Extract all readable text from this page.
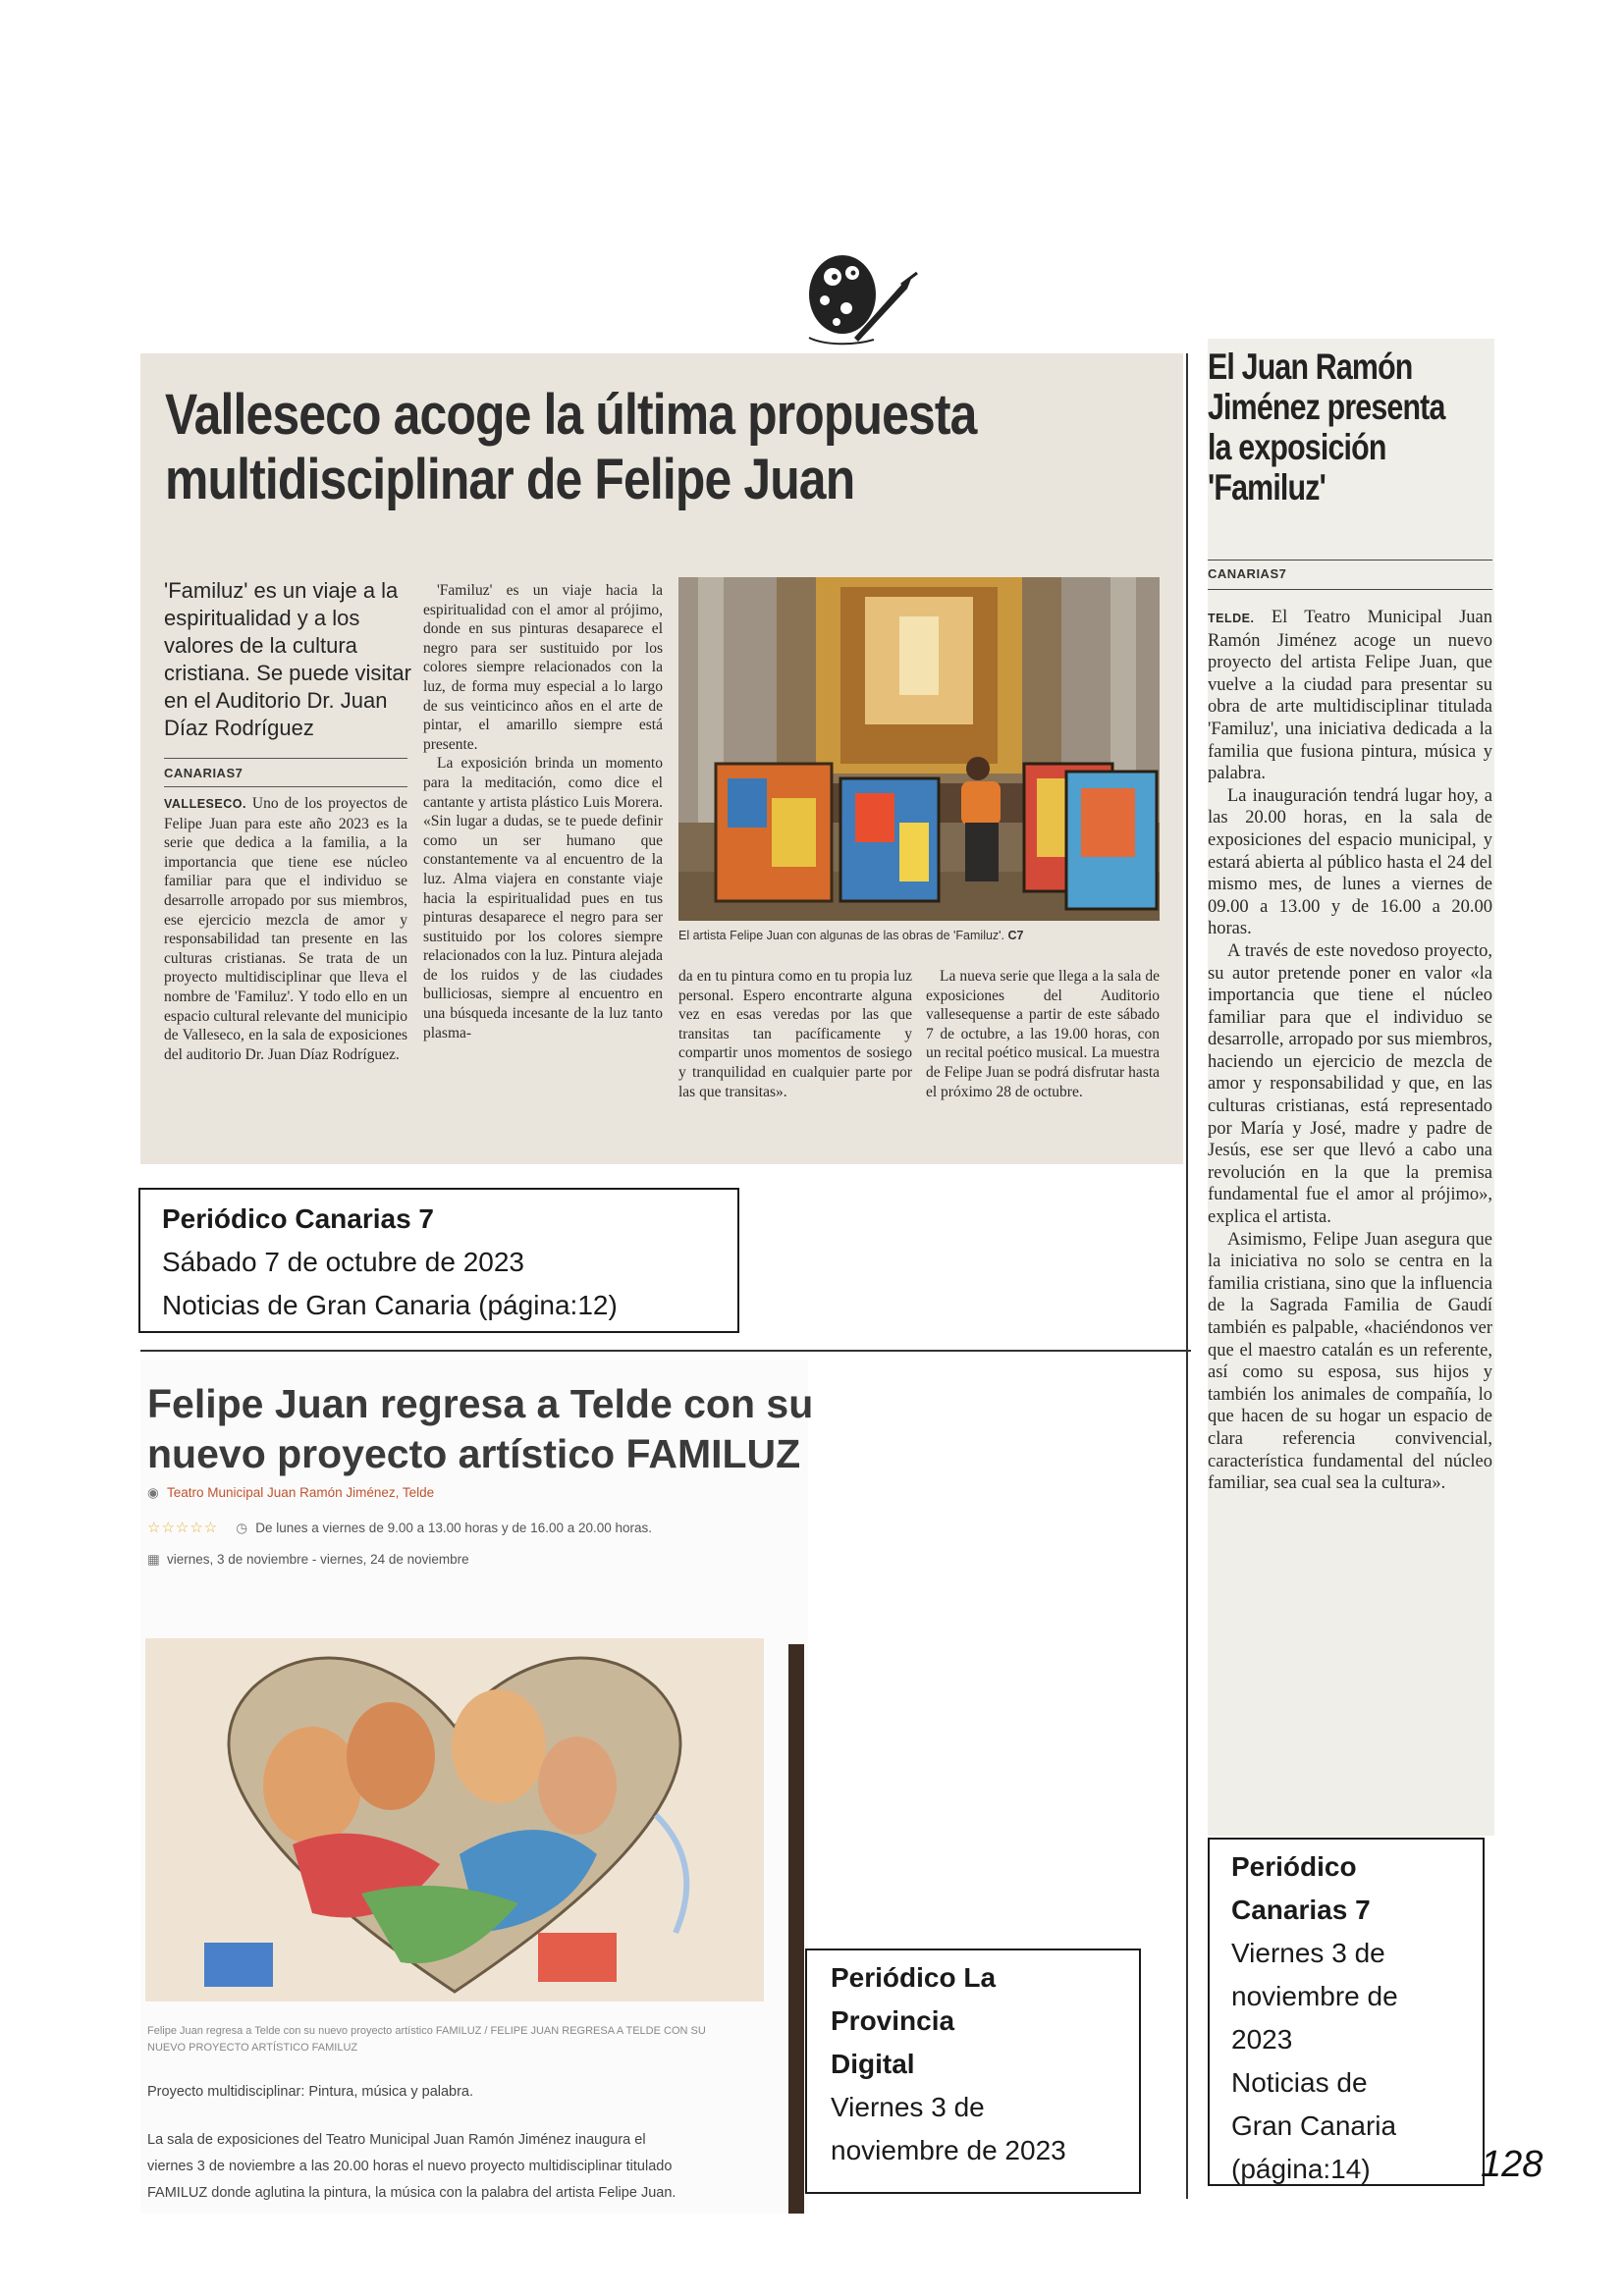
Valleseco acoge la última propuesta
multidisciplinar de Felipe Juan
'Familuz' es un viaje a la espiritualidad y a los valores de la cultura cristiana. Se puede visitar en el Auditorio Dr. Juan Díaz Rodríguez
CANARIAS7

VALLESECO. Uno de los proyectos de Felipe Juan para este año 2023 es la serie que dedica a la familia, a la importancia que tiene ese núcleo familiar para que el individuo se desarrolle arropado por sus miembros, ese ejercicio mezcla de amor y responsabilidad tan presente en las culturas cristianas. Se trata de un proyecto multidisciplinar que lleva el nombre de 'Familuz'. Y todo ello en un espacio cultural relevante del municipio de Valleseco, en la sala de exposiciones del auditorio Dr. Juan Díaz Rodríguez.

'Familuz' es un viaje hacia la espiritualidad con el amor al prójimo, donde en sus pinturas desaparece el negro para ser sustituido por los colores siempre relacionados con la luz, de forma muy especial a lo largo de sus veinticinco años en el arte de pintar, el amarillo siempre está presente.

La exposición brinda un momento para la meditación, como dice el cantante y artista plástico Luis Morera. «Sin lugar a dudas, se te puede definir como un ser humano que constantemente va al encuentro de la luz. Alma viajera en constante viaje hacia la espiritualidad pues en tus pinturas desaparece el negro para ser sustituido por los colores siempre relacionados con la luz. Pintura alejada de los ruidos y de las ciudades bulliciosas, siempre al encuentro en una búsqueda incesante de la luz tanto plasma-

El artista Felipe Juan con algunas de las obras de 'Familuz'. C7

da en tu pintura como en tu propia luz personal. Espero encontrarte alguna vez en esas veredas por las que transitas tan pacíficamente y compartir unos momentos de sosiego y tranquilidad en cualquier parte por las que transitas».

La nueva serie que llega a la sala de exposiciones del Auditorio vallesequense a partir de este sábado 7 de octubre, a las 19.00 horas, con un recital poético musical. La muestra de Felipe Juan se podrá disfrutar hasta el próximo 28 de octubre.

Periódico Canarias 7
Sábado 7 de octubre de 2023
Noticias de Gran Canaria (página:12)
Felipe Juan regresa a Telde con su
nuevo proyecto artístico FAMILUZ
◉ Teatro Municipal Juan Ramón Jiménez, Telde
☆☆☆☆☆ ◷ De lunes a viernes de 9.00 a 13.00 horas y de 16.00 a 20.00 horas.
▦ viernes, 3 de noviembre - viernes, 24 de noviembre
Felipe Juan regresa a Telde con su nuevo proyecto artístico FAMILUZ / FELIPE JUAN REGRESA A TELDE CON SU
NUEVO PROYECTO ARTÍSTICO FAMILUZ
Proyecto multidisciplinar: Pintura, música y palabra.
La sala de exposiciones del Teatro Municipal Juan Ramón Jiménez inaugura el
viernes 3 de noviembre a las 20.00 horas el nuevo proyecto multidisciplinar titulado
FAMILUZ donde aglutina la pintura, la música con la palabra del artista Felipe Juan.
Periódico La
Provincia
Digital
Viernes 3 de
noviembre de 2023
El Juan Ramón
Jiménez presenta
la exposición
'Familuz'
CANARIAS7

TELDE. El Teatro Municipal Juan Ramón Jiménez acoge un nuevo proyecto del artista Felipe Juan, que vuelve a la ciudad para presentar su obra de arte multidisciplinar titulada 'Familuz', una iniciativa dedicada a la familia que fusiona pintura, música y palabra.

La inauguración tendrá lugar hoy, a las 20.00 horas, en la sala de exposiciones del espacio municipal, y estará abierta al público hasta el 24 del mismo mes, de lunes a viernes de 09.00 a 13.00 y de 16.00 a 20.00 horas.

A través de este novedoso proyecto, su autor pretende poner en valor «la importancia que tiene el núcleo familiar para que el individuo se desarrolle, arropado por sus miembros, haciendo un ejercicio de mezcla de amor y responsabilidad y que, en las culturas cristianas, está representado por María y José, madre y padre de Jesús, ese ser que llevó a cabo una revolución en la que la premisa fundamental fue el amor al prójimo», explica el artista.

Asimismo, Felipe Juan asegura que la iniciativa no solo se centra en la familia cristiana, sino que la influencia de la Sagrada Familia de Gaudí también es palpable, «haciéndonos ver que el maestro catalán es un referente, así como su esposa, sus hijos y también los animales de compañía, lo que hacen de su hogar un espacio de clara referencia convivencial, característica fundamental del núcleo familiar, sea cual sea la cultura».

Periódico
Canarias 7
Viernes 3 de
noviembre de
2023
Noticias de
Gran Canaria
(página:14)	128
